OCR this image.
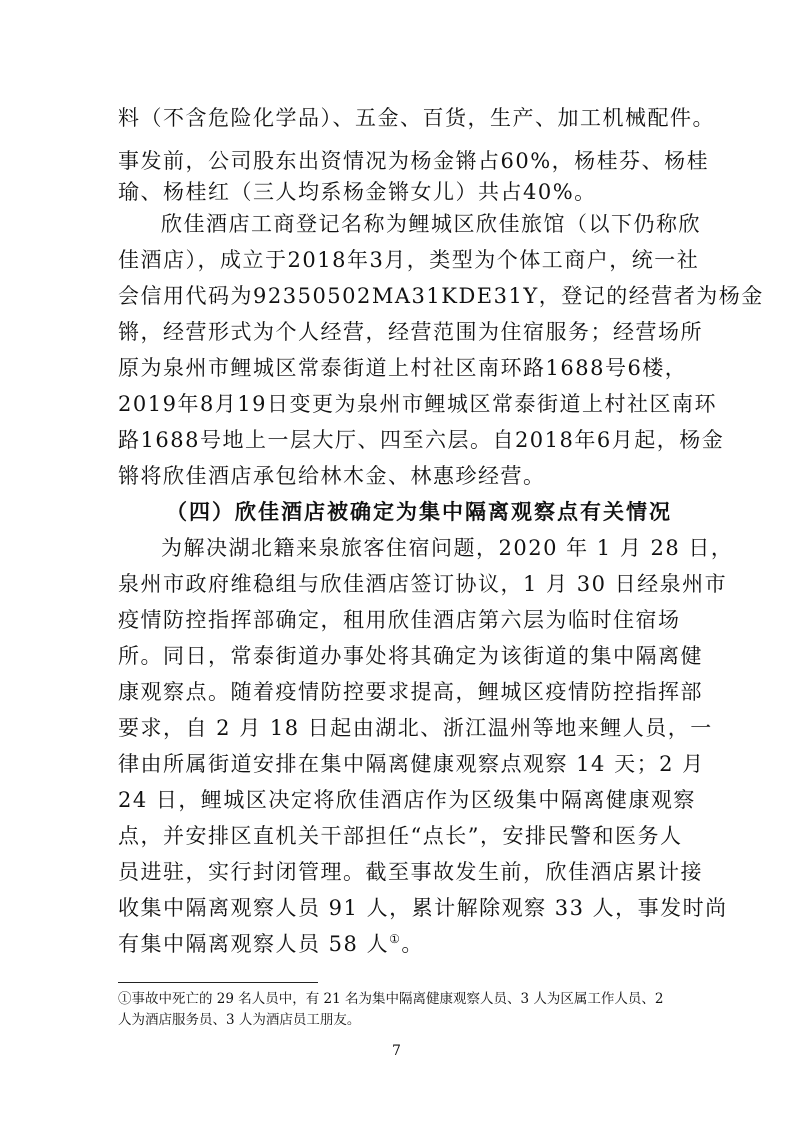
料（不含危险化学品）、五金、百货，生产、加工机械配件。
事发前，公司股东出资情况为杨金锵占60%，杨桂芬、杨桂
瑜、杨桂红（三人均系杨金锵女儿）共占40%。
欣佳酒店工商登记名称为鲤城区欣佳旅馆（以下仍称欣
佳酒店），成立于2018年3月，类型为个体工商户，统一社
会信用代码为92350502MA31KDE31Y，登记的经营者为杨金
锵，经营形式为个人经营，经营范围为住宿服务；经营场所
原为泉州市鲤城区常泰街道上村社区南环路1688号6楼，
2019年8月19日变更为泉州市鲤城区常泰街道上村社区南环
路1688号地上一层大厅、四至六层。自2018年6月起，杨金
锵将欣佳酒店承包给林木金、林惠珍经营。
（四）欣佳酒店被确定为集中隔离观察点有关情况
为解决湖北籍来泉旅客住宿问题，2020 年 1 月 28 日，
泉州市政府维稳组与欣佳酒店签订协议，1 月 30 日经泉州市
疫情防控指挥部确定，租用欣佳酒店第六层为临时住宿场
所。同日，常泰街道办事处将其确定为该街道的集中隔离健
康观察点。随着疫情防控要求提高，鲤城区疫情防控指挥部
要求，自 2 月 18 日起由湖北、浙江温州等地来鲤人员，一
律由所属街道安排在集中隔离健康观察点观察 14 天；2 月
24 日，鲤城区决定将欣佳酒店作为区级集中隔离健康观察
点，并安排区直机关干部担任“点长”，安排民警和医务人
员进驻，实行封闭管理。截至事故发生前，欣佳酒店累计接
收集中隔离观察人员 91 人，累计解除观察 33 人，事发时尚
有集中隔离观察人员 58 人①。
①事故中死亡的 29 名人员中，有 21 名为集中隔离健康观察人员、3 人为区属工作人员、2
人为酒店服务员、3 人为酒店员工朋友。
7
